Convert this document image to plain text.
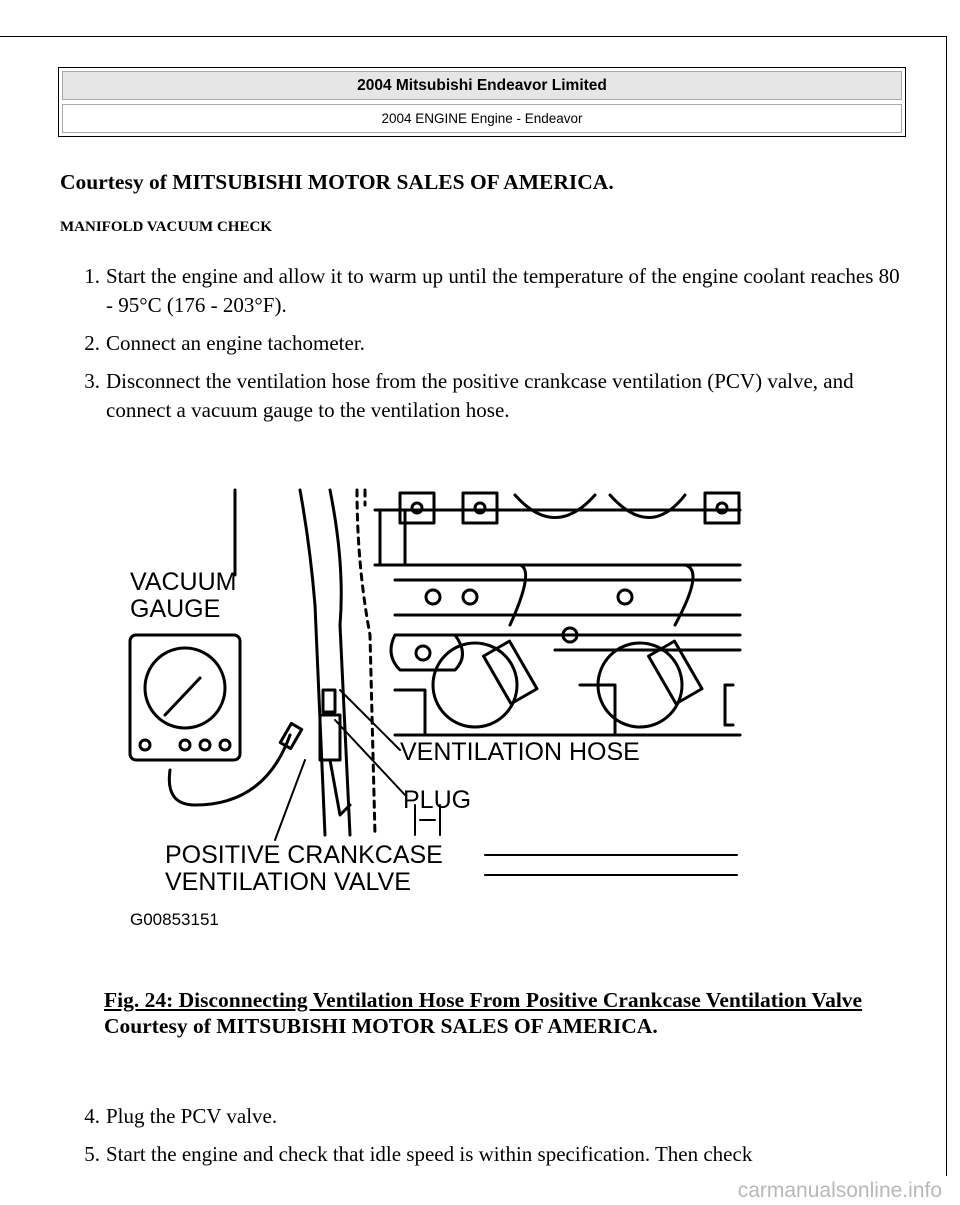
2004 Mitsubishi Endeavor Limited
2004 ENGINE Engine - Endeavor
Courtesy of MITSUBISHI MOTOR SALES OF AMERICA.
MANIFOLD VACUUM CHECK
1. Start the engine and allow it to warm up until the temperature of the engine coolant reaches 80 - 95°C (176 - 203°F).
2. Connect an engine tachometer.
3. Disconnect the ventilation hose from the positive crankcase ventilation (PCV) valve, and connect a vacuum gauge to the ventilation hose.
VACUUM
GAUGE
VENTILATION HOSE
PLUG
POSITIVE CRANKCASE
VENTILATION VALVE
G00853151
Fig. 24: Disconnecting Ventilation Hose From Positive Crankcase Ventilation Valve
Courtesy of MITSUBISHI MOTOR SALES OF AMERICA.
4. Plug the PCV valve.
5. Start the engine and check that idle speed is within specification. Then check
carmanualsonline.info
